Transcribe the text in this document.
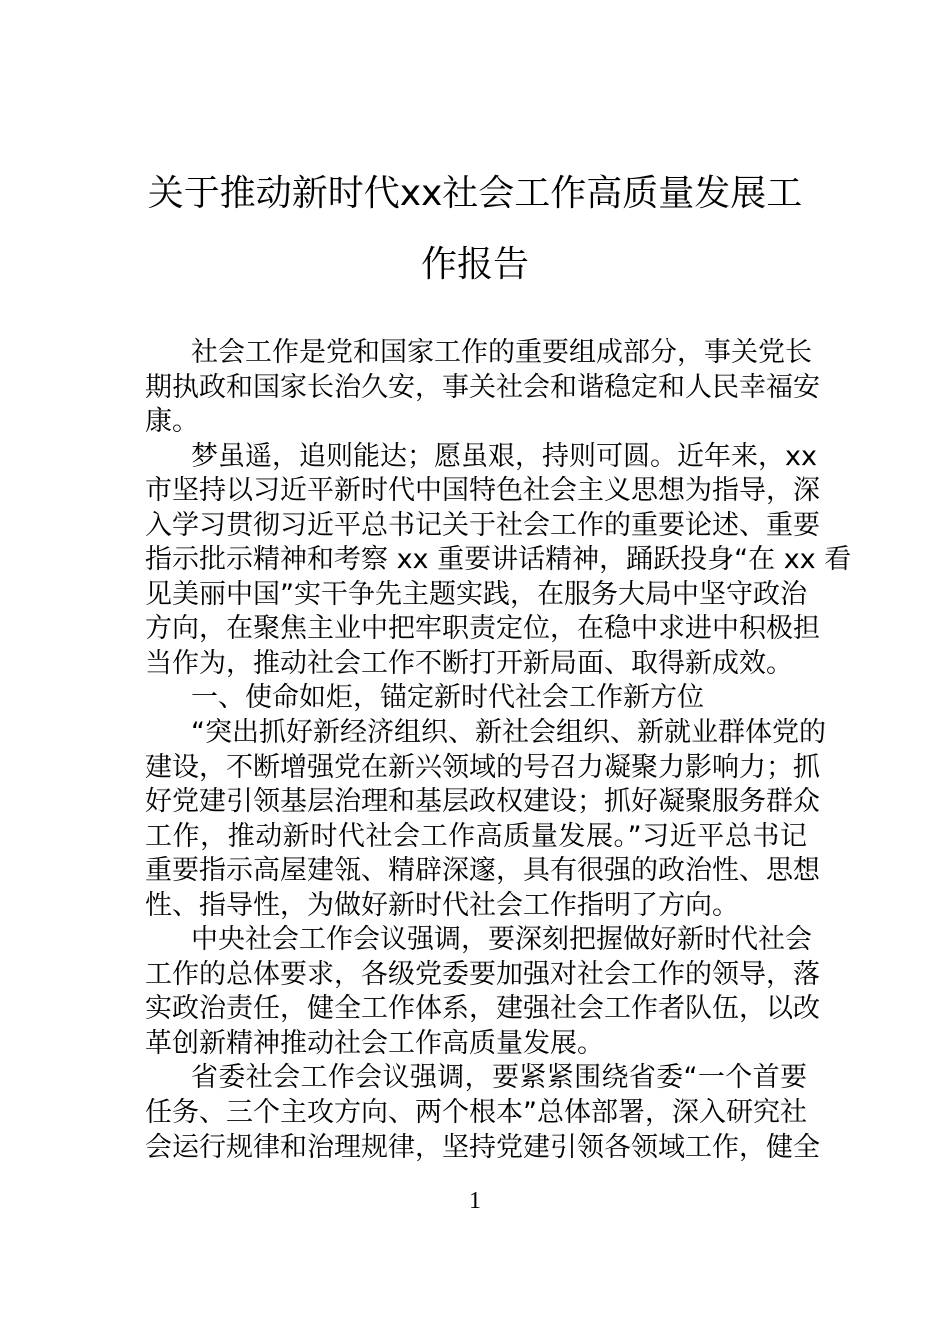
关于推动新时代xx社会工作高质量发展工
作报告
社会工作是党和国家工作的重要组成部分，事关党长
期执政和国家长治久安，事关社会和谐稳定和人民幸福安
康。
梦虽遥，追则能达；愿虽艰，持则可圆。近年来，xx
市坚持以习近平新时代中国特色社会主义思想为指导，深
入学习贯彻习近平总书记关于社会工作的重要论述、重要
指示批示精神和考察 xx 重要讲话精神，踊跃投身“在 xx 看
见美丽中国”实干争先主题实践，在服务大局中坚守政治
方向，在聚焦主业中把牢职责定位，在稳中求进中积极担
当作为，推动社会工作不断打开新局面、取得新成效。
一、使命如炬，锚定新时代社会工作新方位
“突出抓好新经济组织、新社会组织、新就业群体党的
建设，不断增强党在新兴领域的号召力凝聚力影响力；抓
好党建引领基层治理和基层政权建设；抓好凝聚服务群众
工作，推动新时代社会工作高质量发展。”习近平总书记
重要指示高屋建瓴、精辟深邃，具有很强的政治性、思想
性、指导性，为做好新时代社会工作指明了方向。
中央社会工作会议强调，要深刻把握做好新时代社会
工作的总体要求，各级党委要加强对社会工作的领导，落
实政治责任，健全工作体系，建强社会工作者队伍，以改
革创新精神推动社会工作高质量发展。
省委社会工作会议强调，要紧紧围绕省委“一个首要
任务、三个主攻方向、两个根本”总体部署，深入研究社
会运行规律和治理规律，坚持党建引领各领域工作，健全
1
